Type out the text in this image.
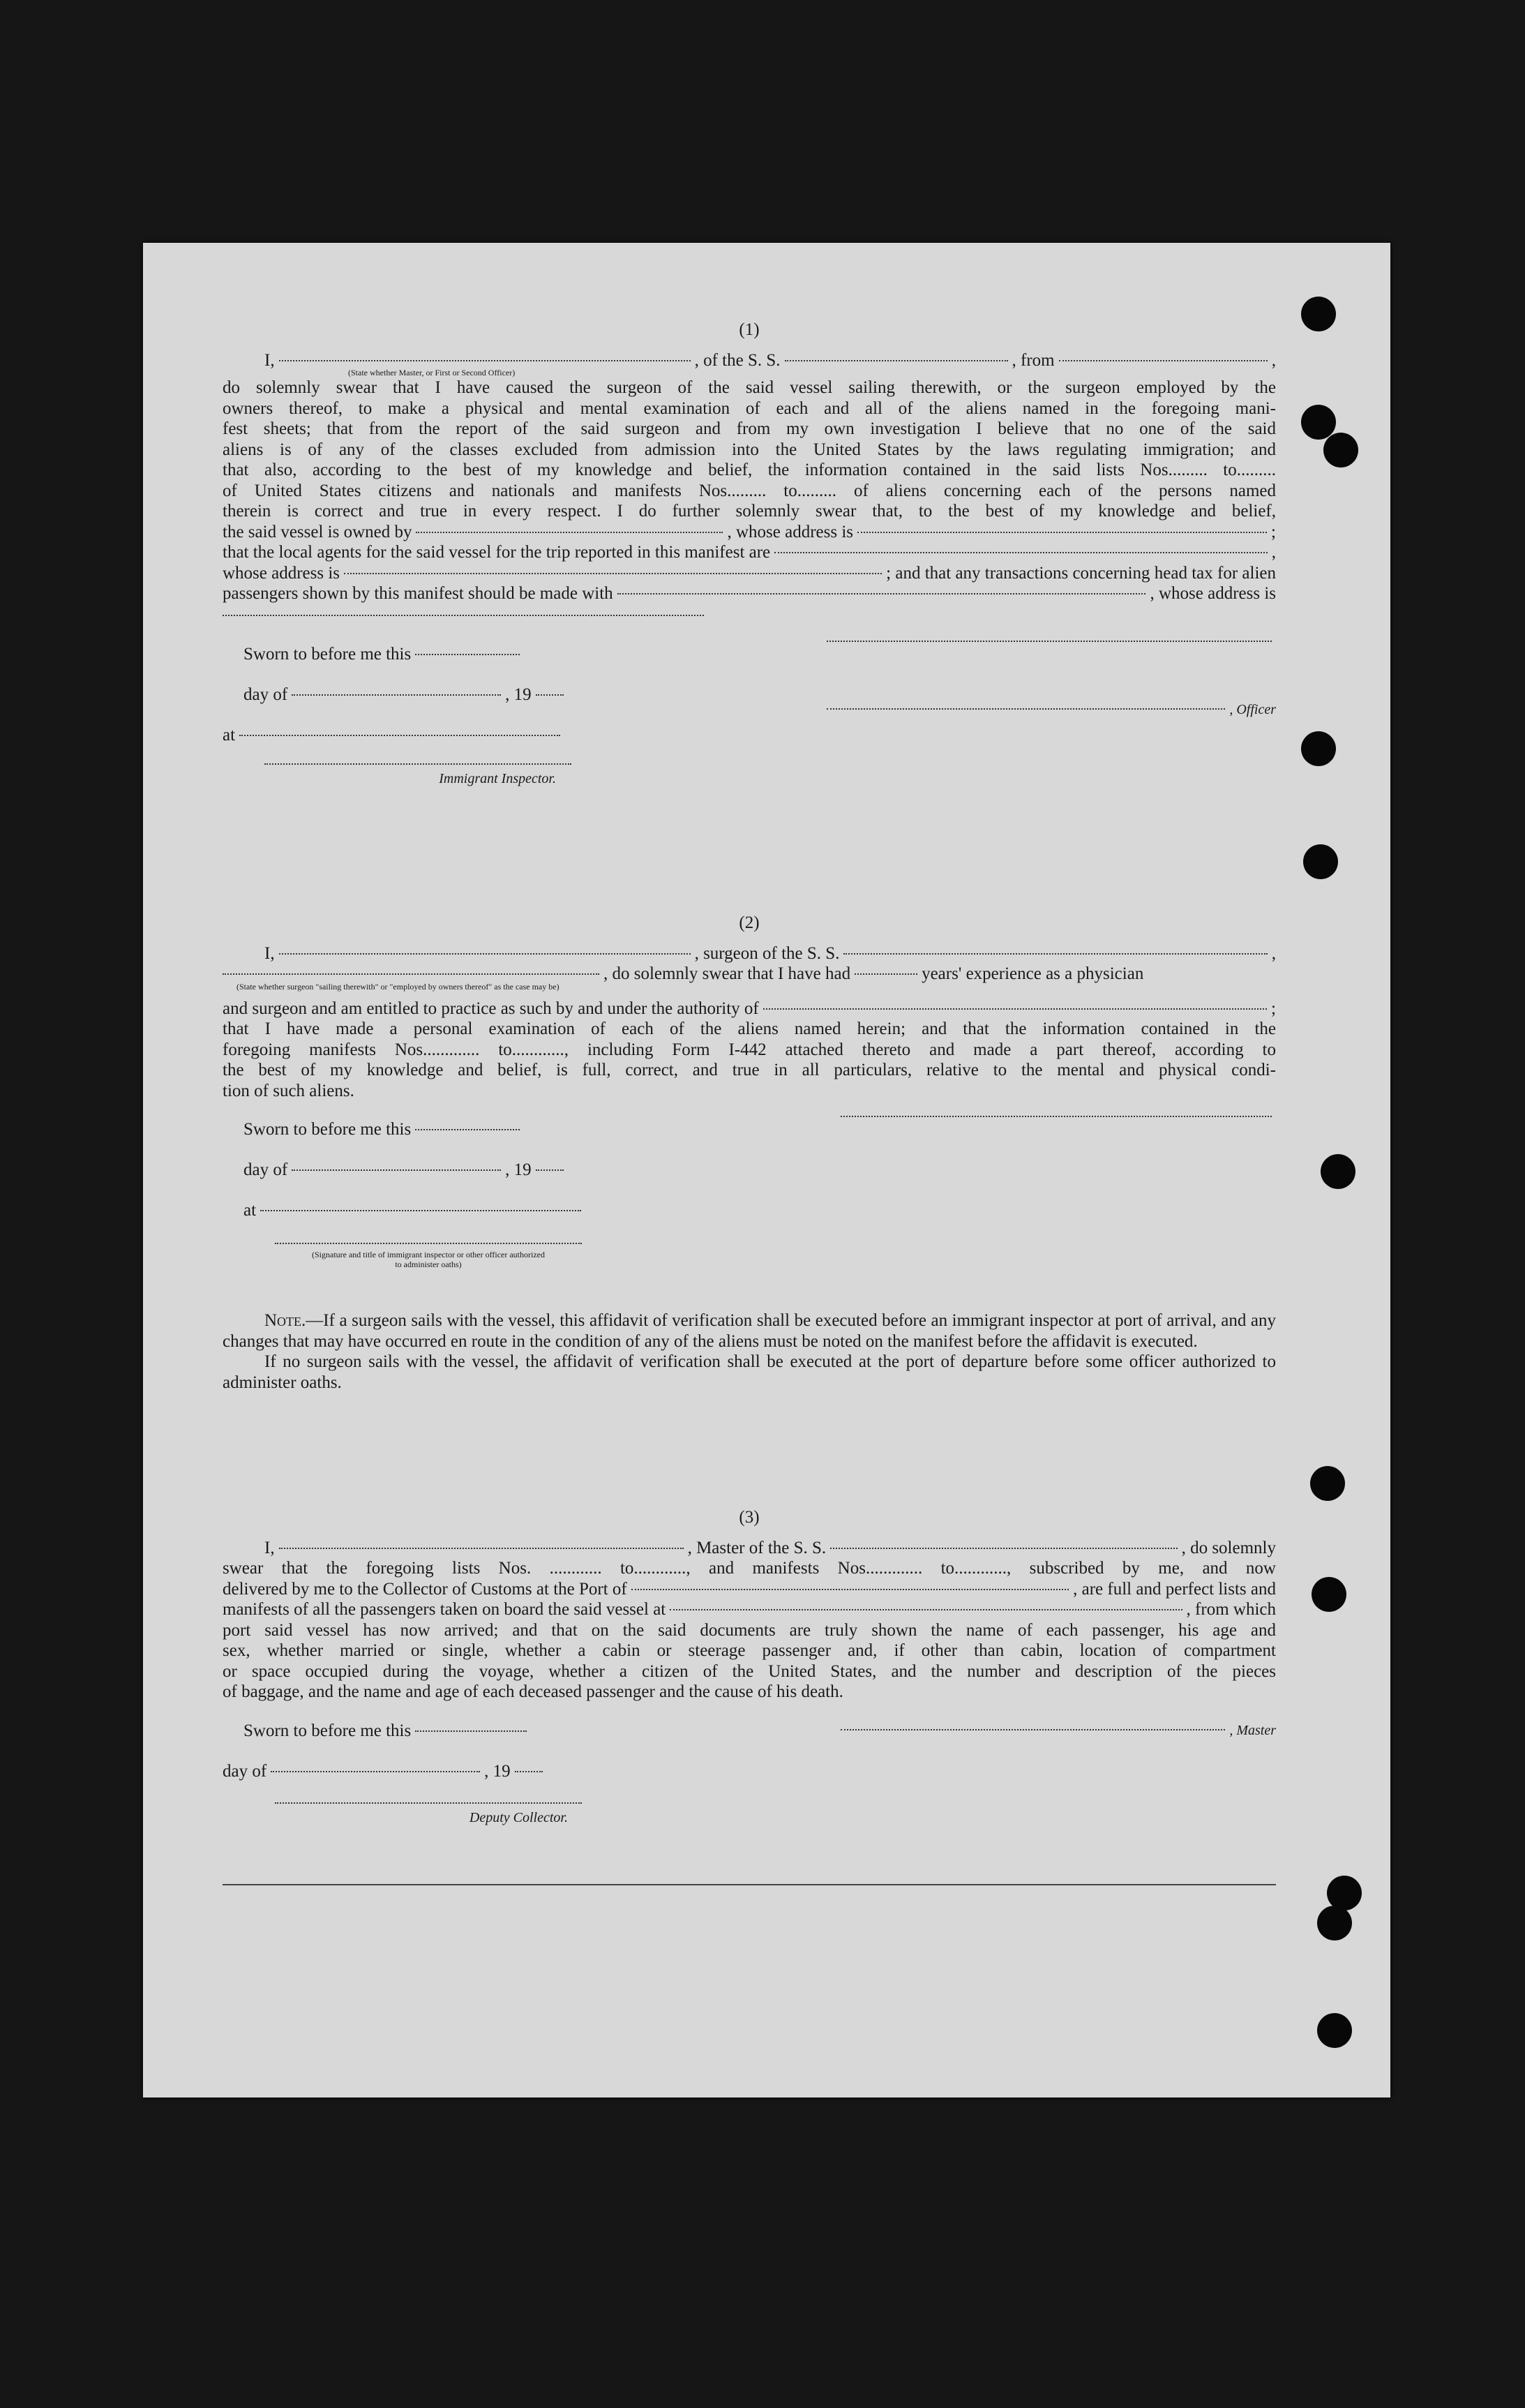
(1)
I,	, of the S. S.	, from	,
(State whether Master, or First or Second Officer)
do solemnly swear that I have caused the surgeon of the said vessel sailing therewith, or the surgeon employed by the
owners thereof, to make a physical and mental examination of each and all of the aliens named in the foregoing mani-
fest sheets; that from the report of the said surgeon and from my own investigation I believe that no one of the said
aliens is of any of the classes excluded from admission into the United States by the laws regulating immigration; and
that also, according to the best of my knowledge and belief, the information contained in the said lists Nos......... to.........
of United States citizens and nationals and manifests Nos......... to......... of aliens concerning each of the persons named
therein is correct and true in every respect. I do further solemnly swear that, to the best of my knowledge and belief,
the said vessel is owned by	, whose address is	;
that the local agents for the said vessel for the trip reported in this manifest are	,
whose address is	; and that any transactions concerning head tax for alien
passengers shown by this manifest should be made with	, whose address is
Sworn to before me this
day of	, 19
, Officer
at
Immigrant Inspector.
(2)
I,	, surgeon of the S. S.	,
, do solemnly swear that I have had	years' experience as a physician
(State whether surgeon "sailing therewith" or "employed by owners thereof" as the case may be)
and surgeon and am entitled to practice as such by and under the authority of	;
that I have made a personal examination of each of the aliens named herein; and that the information contained in the
foregoing manifests Nos............. to............, including Form I-442 attached thereto and made a part thereof, according to
the best of my knowledge and belief, is full, correct, and true in all particulars, relative to the mental and physical condi-
tion of such aliens.
Sworn to before me this
day of	, 19
at
(Signature and title of immigrant inspector or other officer authorized to administer oaths)
Note.—If a surgeon sails with the vessel, this affidavit of verification shall be executed before an immigrant inspector at port of arrival, and any changes that may have occurred en route in the condition of any of the aliens must be noted on the manifest before the affidavit is executed.
If no surgeon sails with the vessel, the affidavit of verification shall be executed at the port of departure before some officer authorized to administer oaths.
(3)
I,	, Master of the S. S.	, do solemnly
swear that the foregoing lists Nos. ............ to............, and manifests Nos............. to............, subscribed by me, and now
delivered by me to the Collector of Customs at the Port of	, are full and perfect lists and
manifests of all the passengers taken on board the said vessel at	, from which
port said vessel has now arrived; and that on the said documents are truly shown the name of each passenger, his age and
sex, whether married or single, whether a cabin or steerage passenger and, if other than cabin, location of compartment
or space occupied during the voyage, whether a citizen of the United States, and the number and description of the pieces
of baggage, and the name and age of each deceased passenger and the cause of his death.
Sworn to before me this	, Master
day of	, 19
Deputy Collector.
